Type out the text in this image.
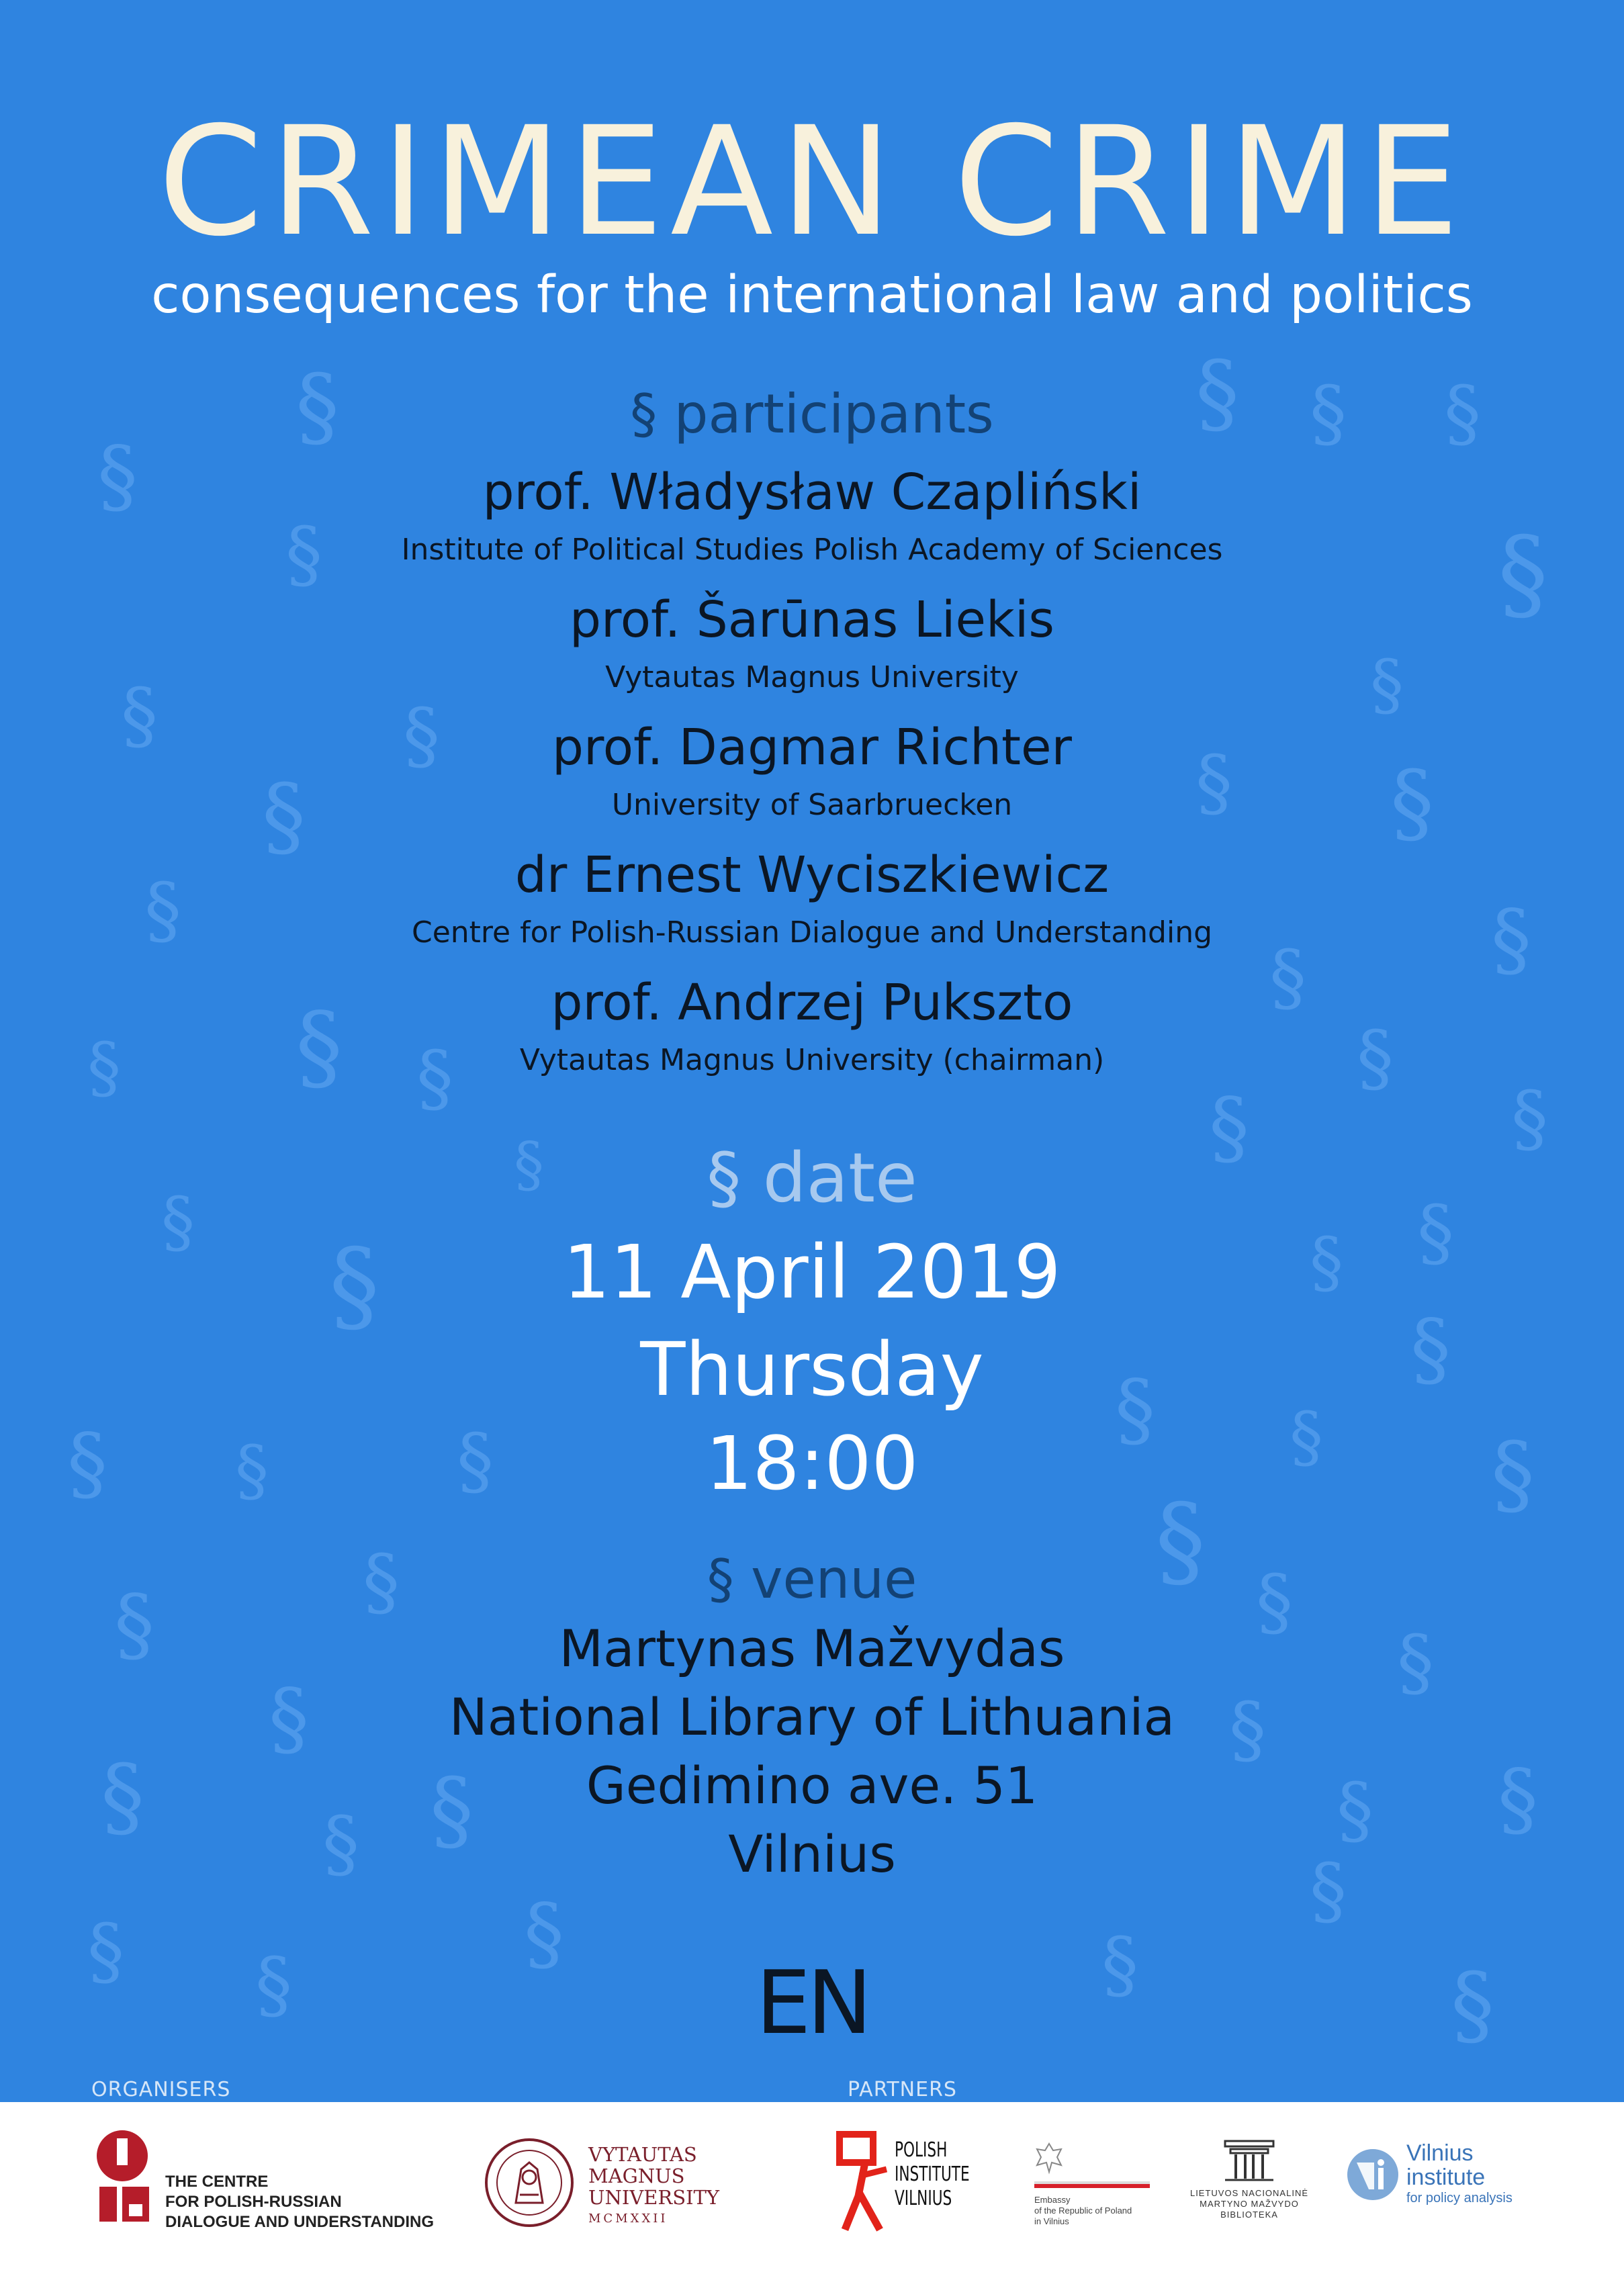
§
§
§
§	§
§
§
§ § §
§
§
§
§ §	§
§
§
§
§ § §
§
§	§
§ § §
§
§
§
§
§
§
§
§
§
§
§
§
§ §
§
§
§
§
§
§
§
§	§
§
CRIMEAN CRIME
consequences for the international law and politics
§ participants
prof. Władysław Czapliński
Institute of Political Studies Polish Academy of Sciences
prof. Šarūnas Liekis
Vytautas Magnus University
prof. Dagmar Richter
University of Saarbruecken
dr Ernest Wyciszkiewicz
Centre for Polish-Russian Dialogue and Understanding
prof. Andrzej Pukszto
Vytautas Magnus University (chairman)
§ date
11 April 2019
Thursday
18:00
§ venue
Martynas Mažvydas
National Library of Lithuania
Gedimino ave. 51
Vilnius
EN
ORGANISERS	PARTNERS
THE CENTRE
FOR POLISH-RUSSIAN
DIALOGUE AND UNDERSTANDING
VYTAUTAS
MAGNUS
UNIVERSITY
MCMXXII
POLISH
INSTITUTE
VILNIUS	Embassy
of the Republic of Poland
in Vilnius
LIETUVOS NACIONALINĖ
MARTYNO MAŽVYDO
BIBLIOTEKA
Vilnius
institute
for policy analysis
